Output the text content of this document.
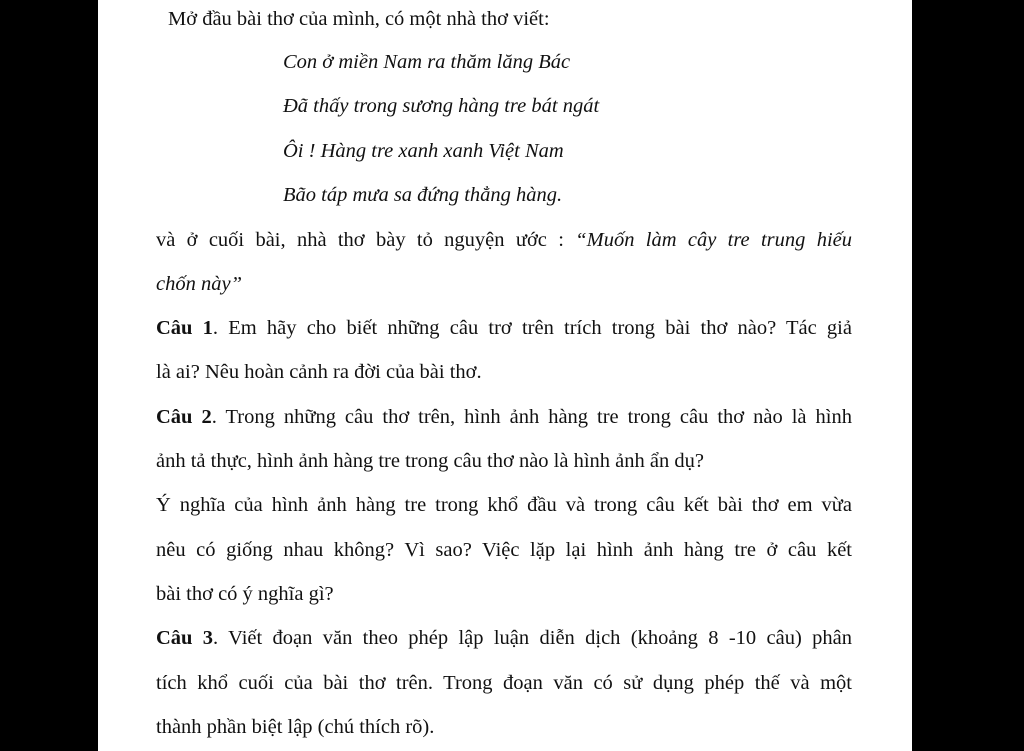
Mở đầu bài thơ của mình, có một nhà thơ viết:
Con ở miền Nam ra thăm lăng Bác
Đã thấy trong sương hàng tre bát ngát
Ôi ! Hàng tre xanh xanh Việt Nam
Bão táp mưa sa đứng thẳng hàng.
và ở cuối bài, nhà thơ bày tỏ nguyện ước : “Muốn làm cây tre trung hiếu
chốn này”
Câu 1. Em hãy cho biết những câu trơ trên trích trong bài thơ nào? Tác giả
là ai? Nêu hoàn cảnh ra đời của bài thơ.
Câu 2. Trong những câu thơ trên, hình ảnh hàng tre trong câu thơ nào là hình
ảnh tả thực, hình ảnh hàng tre trong câu thơ nào là hình ảnh ẩn dụ?
Ý nghĩa của hình ảnh hàng tre trong khổ đầu và trong câu kết bài thơ em vừa
nêu có giống nhau không? Vì sao? Việc lặp lại hình ảnh hàng tre ở câu kết
bài thơ có ý nghĩa gì?
Câu 3. Viết đoạn văn theo phép lập luận diễn dịch (khoảng 8 -10 câu) phân
tích khổ cuối của bài thơ trên. Trong đoạn văn có sử dụng phép thế và một
thành phần biệt lập (chú thích rõ).
